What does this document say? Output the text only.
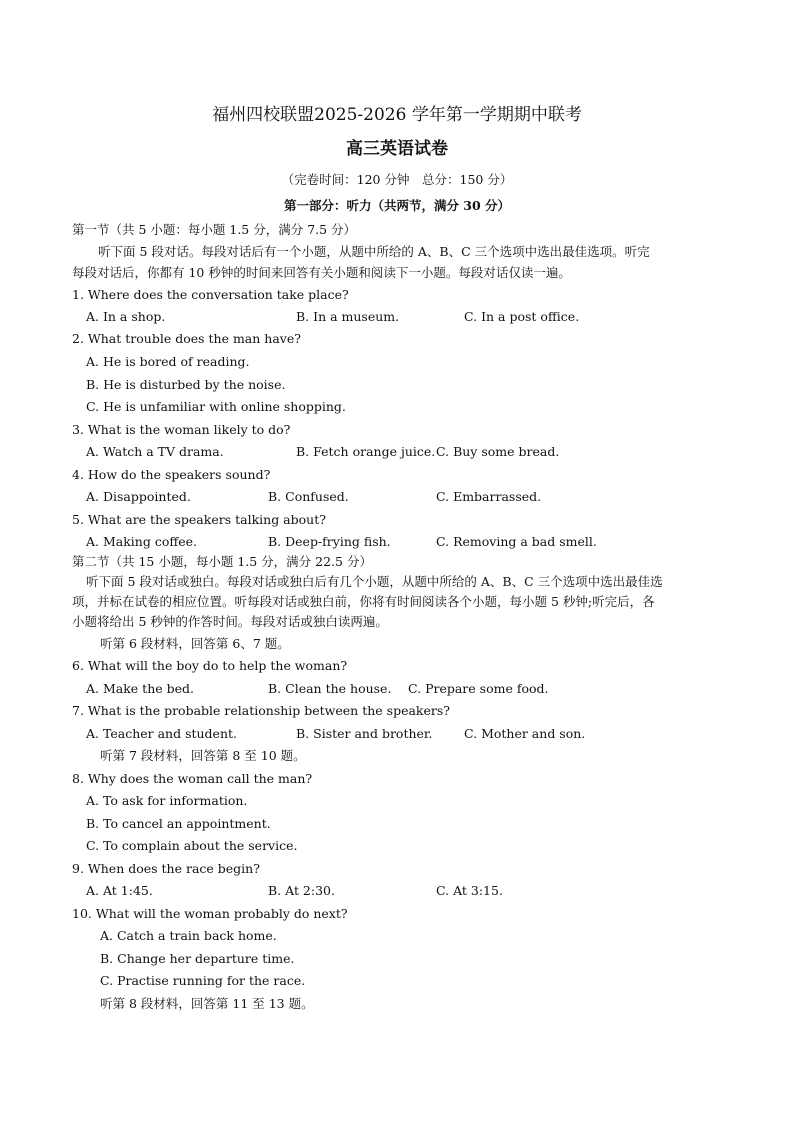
福州四校联盟2025-2026 学年第一学期期中联考
高三英语试卷
（完卷时间：120 分钟　总分：150 分）
第一部分：听力（共两节，满分 30 分）
第一节（共 5 小题：每小题 1.5 分，满分 7.5 分）
听下面 5 段对话。每段对话后有一个小题，从题中所给的 A、B、C 三个选项中选出最佳选项。听完
每段对话后，你都有 10 秒钟的时间来回答有关小题和阅读下一小题。每段对话仅读一遍。
1. Where does the conversation take place?
A. In a shop.	B. In a museum.	C. In a post office.
2. What trouble does the man have?
A. He is bored of reading.
B. He is disturbed by the noise.
C. He is unfamiliar with online shopping.
3. What is the woman likely to do?
A. Watch a TV drama.	B. Fetch orange juice. C. Buy some bread.
4. How do the speakers sound?
A. Disappointed.	B. Confused.	C. Embarrassed.
5. What are the speakers talking about?
A. Making coffee.	B. Deep-frying fish.	C. Removing a bad smell.
第二节（共 15 小题，每小题 1.5 分，满分 22.5 分）
听下面 5 段对话或独白。每段对话或独白后有几个小题，从题中所给的 A、B、C 三个选项中选出最佳选
项，并标在试卷的相应位置。听每段对话或独白前，你将有时间阅读各个小题，每小题 5 秒钟;听完后，各
小题将给出 5 秒钟的作答时间。每段对话或独白读两遍。
听第 6 段材料，回答第 6、7 题。
6. What will the boy do to help the woman?
A. Make the bed.	B. Clean the house. C. Prepare some food.
7. What is the probable relationship between the speakers?
A. Teacher and student.	B. Sister and brother.	C. Mother and son.
听第 7 段材料，回答第 8 至 10 题。
8. Why does the woman call the man?
A. To ask for information.
B. To cancel an appointment.
C. To complain about the service.
9. When does the race begin?
A. At 1:45.	B. At 2:30.	C. At 3:15.
10. What will the woman probably do next?
A. Catch a train back home.
B. Change her departure time.
C. Practise running for the race.
听第 8 段材料，回答第 11 至 13 题。
